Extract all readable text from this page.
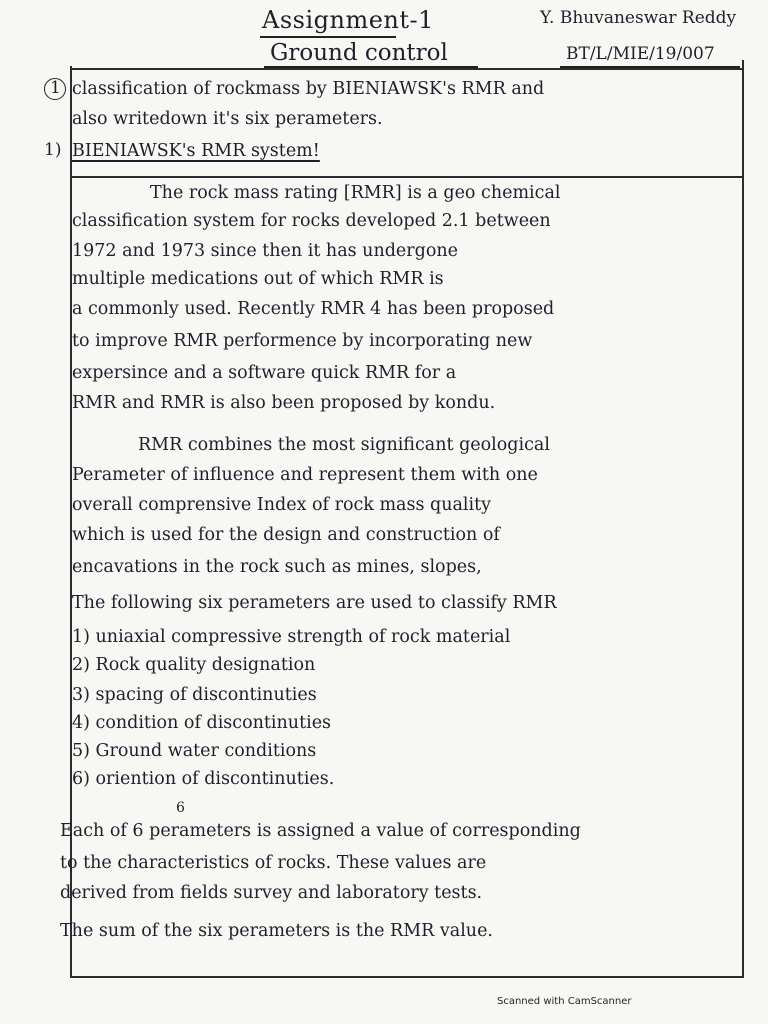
Assignment-1
Ground control
Y. Bhuvaneswar Reddy
BT/L/MIE/19/007
1 classification of rockmass by BIENIAWSK's RMR and
also writedown it's six perameters.
1) BIENIAWSK's RMR system!
The rock mass rating [RMR] is a geo chemical
classification system for rocks developed 2.1 between
1972 and 1973 since then it has undergone
multiple medications out of which RMR is
a commonly used. Recently RMR 4 has been proposed
to improve RMR performence by incorporating new
expersince and a software quick RMR for a
RMR and RMR is also been proposed by kondu.
RMR combines the most significant geological
Perameter of influence and represent them with one
overall comprensive Index of rock mass quality
which is used for the design and construction of
encavations in the rock such as mines, slopes,
The following six perameters are used to classify RMR
1) uniaxial compressive strength of rock material
2) Rock quality designation
3) spacing of discontinuties
4) condition of discontinuties
5) Ground water conditions
6) oriention of discontinuties.
6
Each of 6 perameters is assigned a value of corresponding
to the characteristics of rocks. These values are
derived from fields survey and laboratory tests.
The sum of the six perameters is the RMR value.
Scanned with CamScanner
